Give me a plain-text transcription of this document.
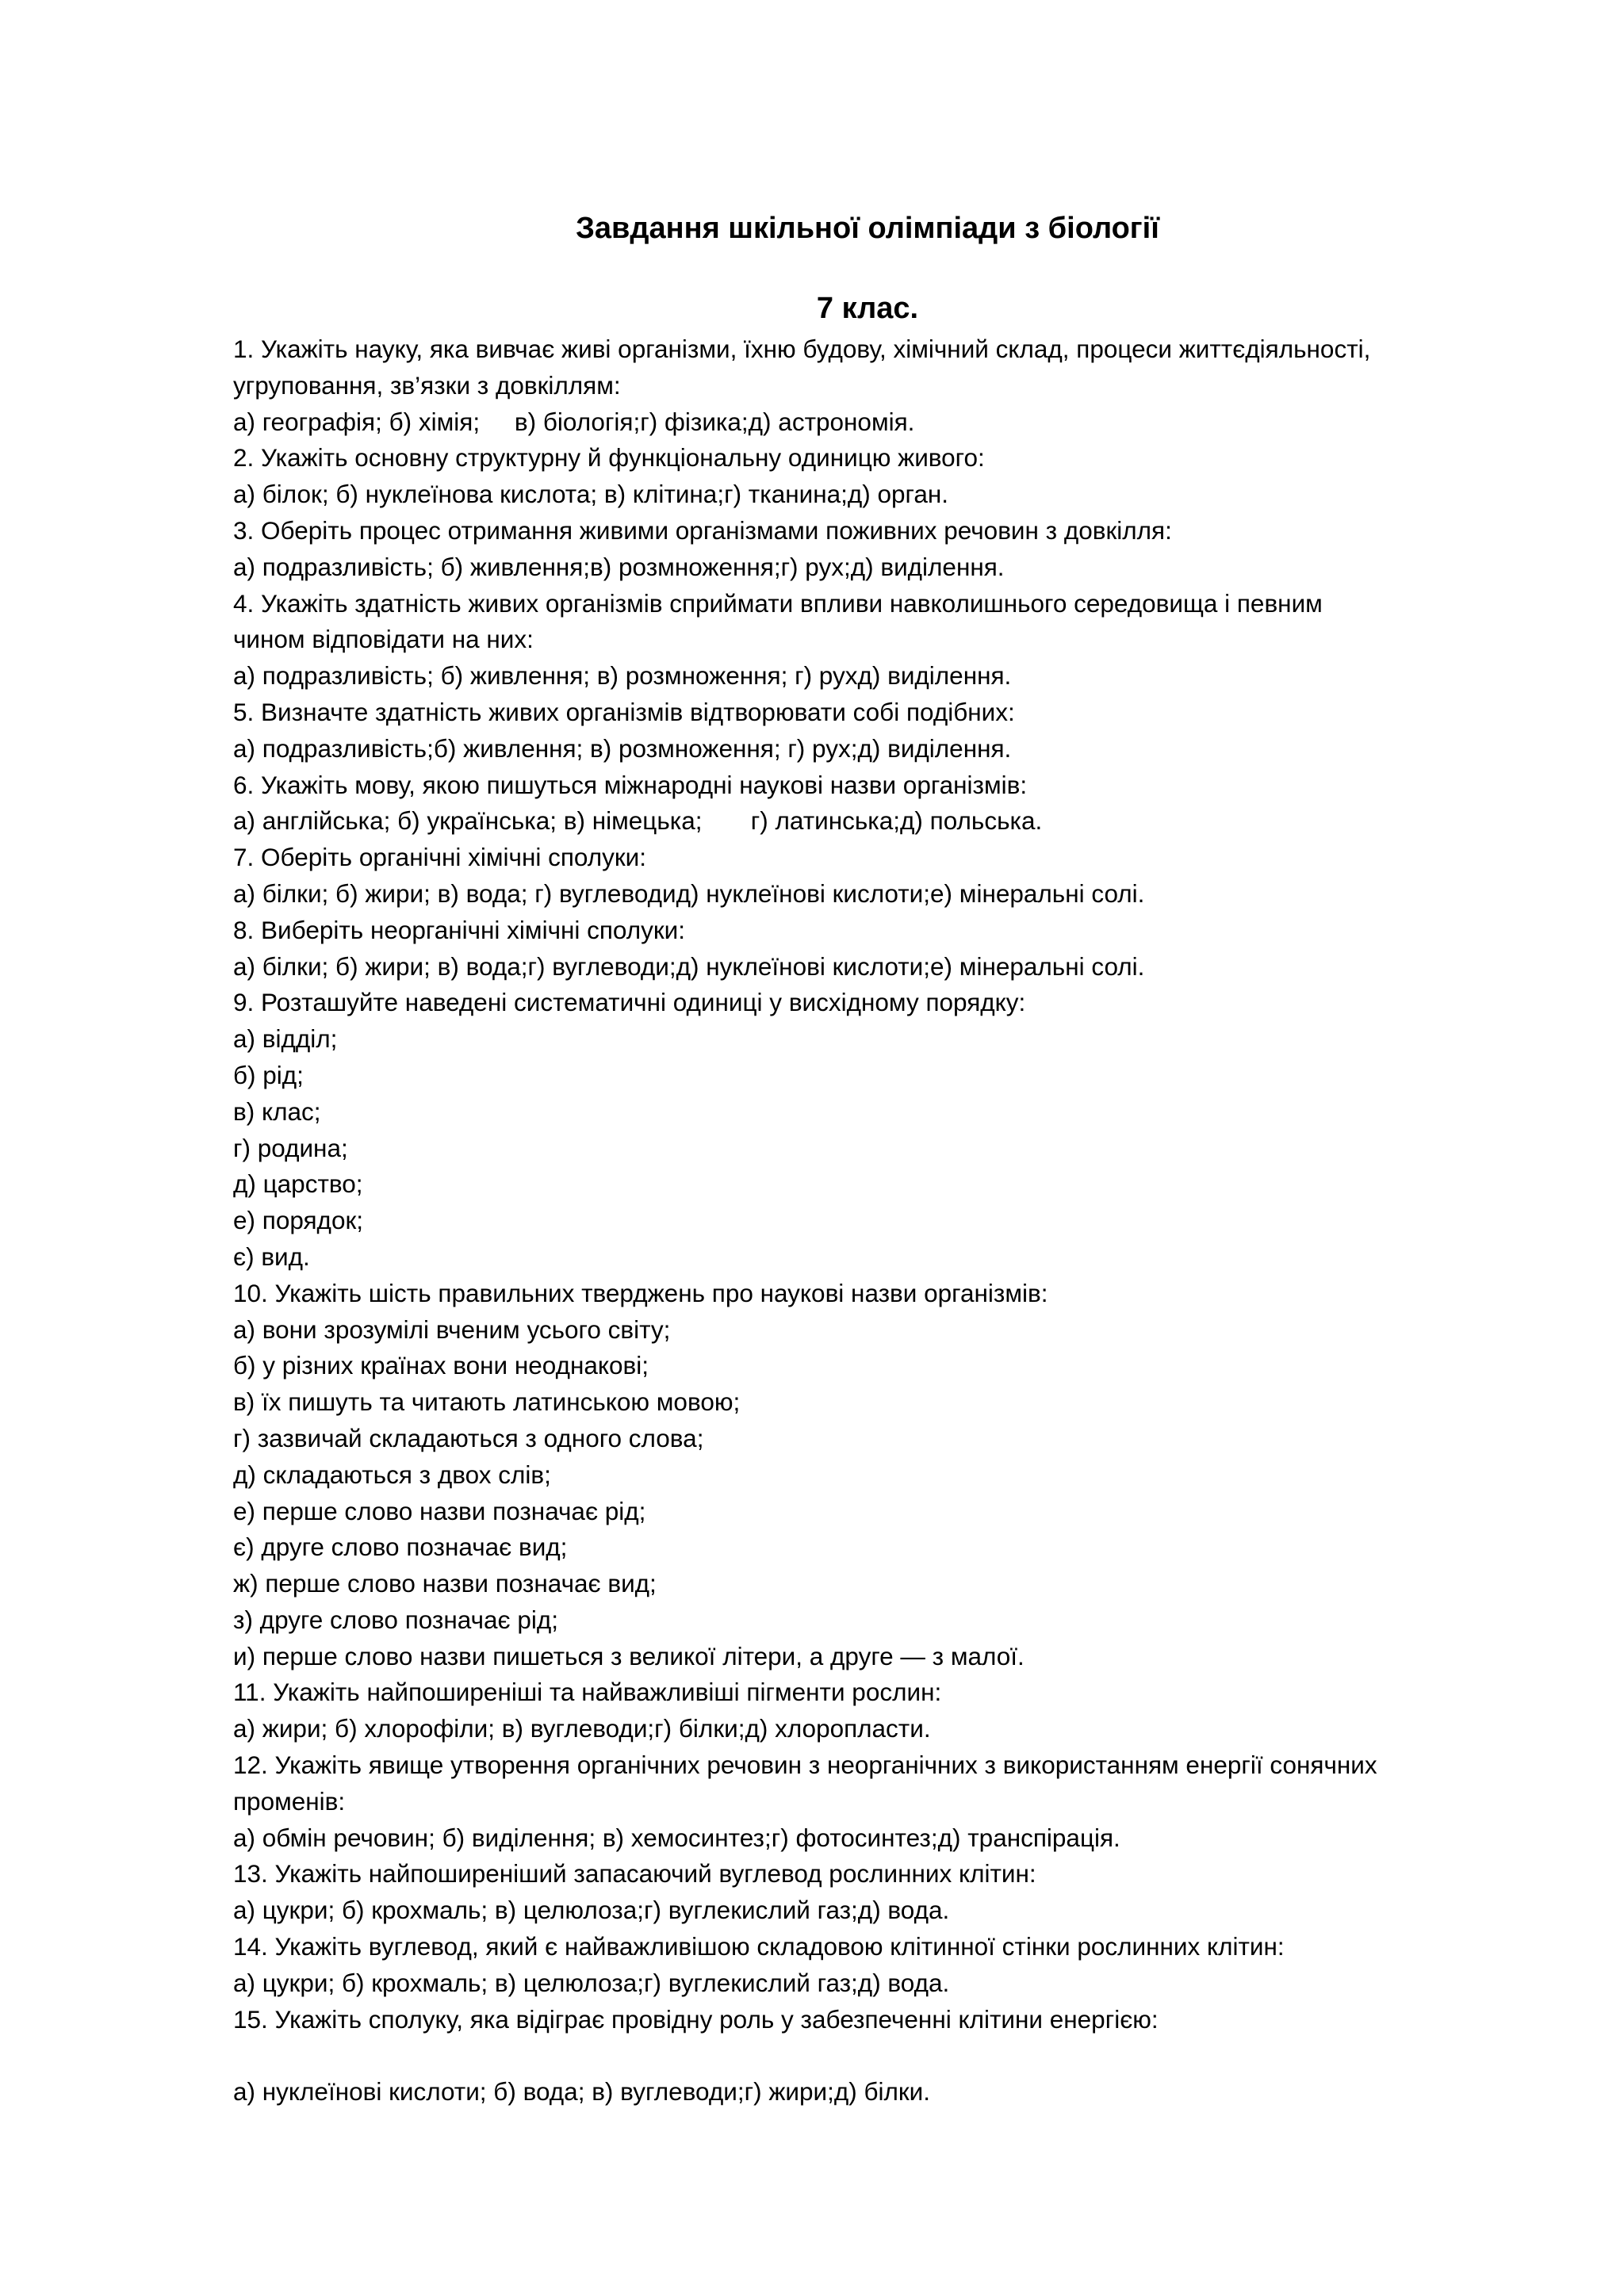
Завдання шкільної олімпіади з біології
7 клас.
1. Укажіть науку, яка вивчає живі організми, їхню будову, хімічний склад, процеси життєдіяльності,
угруповання, зв’язки з довкіллям:
а) географія; б) хімія;     в) біологія;г) фізика;д) астрономія.
2. Укажіть основну структурну й функціональну одиницю живого:
а) білок; б) нуклеїнова кислота; в) клітина;г) тканина;д) орган.
3. Оберіть процес отримання живими організмами поживних речовин з довкілля:
а) подразливість; б) живлення;в) розмноження;г) рух;д) виділення.
4. Укажіть здатність живих організмів сприймати впливи навколишнього середовища і певним
чином відповідати на них:
а) подразливість; б) живлення; в) розмноження; г) рухд) виділення.
5. Визначте здатність живих організмів відтворювати собі подібних:
а) подразливість;б) живлення; в) розмноження; г) рух;д) виділення.
6. Укажіть мову, якою пишуться міжнародні наукові назви організмів:
а) англійська; б) українська; в) німецька;       г) латинська;д) польська.
7. Оберіть органічні хімічні сполуки:
а) білки; б) жири; в) вода; г) вуглеводид) нуклеїнові кислоти;е) мінеральні солі.
8. Виберіть неорганічні хімічні сполуки:
а) білки; б) жири; в) вода;г) вуглеводи;д) нуклеїнові кислоти;е) мінеральні солі.
9. Розташуйте наведені систематичні одиниці у висхідному порядку:
а) відділ;
б) рід;
в) клас;
г) родина;
д) царство;
е) порядок;
є) вид.
10. Укажіть шість правильних тверджень про наукові назви організмів:
а) вони зрозумілі вченим усього світу;
б) у різних країнах вони неоднакові;
в) їх пишуть та читають латинською мовою;
г) зазвичай складаються з одного слова;
д) складаються з двох слів;
е) перше слово назви позначає рід;
є) друге слово позначає вид;
ж) перше слово назви позначає вид;
з) друге слово позначає рід;
и) перше слово назви пишеться з великої літери, а друге — з малої.
11. Укажіть найпоширеніші та найважливіші пігменти рослин:
а) жири; б) хлорофіли; в) вуглеводи;г) білки;д) хлоропласти.
12. Укажіть явище утворення органічних речовин з неорганічних з використанням енергії сонячних
променів:
а) обмін речовин; б) виділення; в) хемосинтез;г) фотосинтез;д) транспірація.
13. Укажіть найпоширеніший запасаючий вуглевод рослинних клітин:
а) цукри; б) крохмаль; в) целюлоза;г) вуглекислий газ;д) вода.
14. Укажіть вуглевод, який є найважливішою складовою клітинної стінки рослинних клітин:
а) цукри; б) крохмаль; в) целюлоза;г) вуглекислий газ;д) вода.
15. Укажіть сполуку, яка відіграє провідну роль у забезпеченні клітини енергією:
а) нуклеїнові кислоти; б) вода; в) вуглеводи;г) жири;д) білки.
